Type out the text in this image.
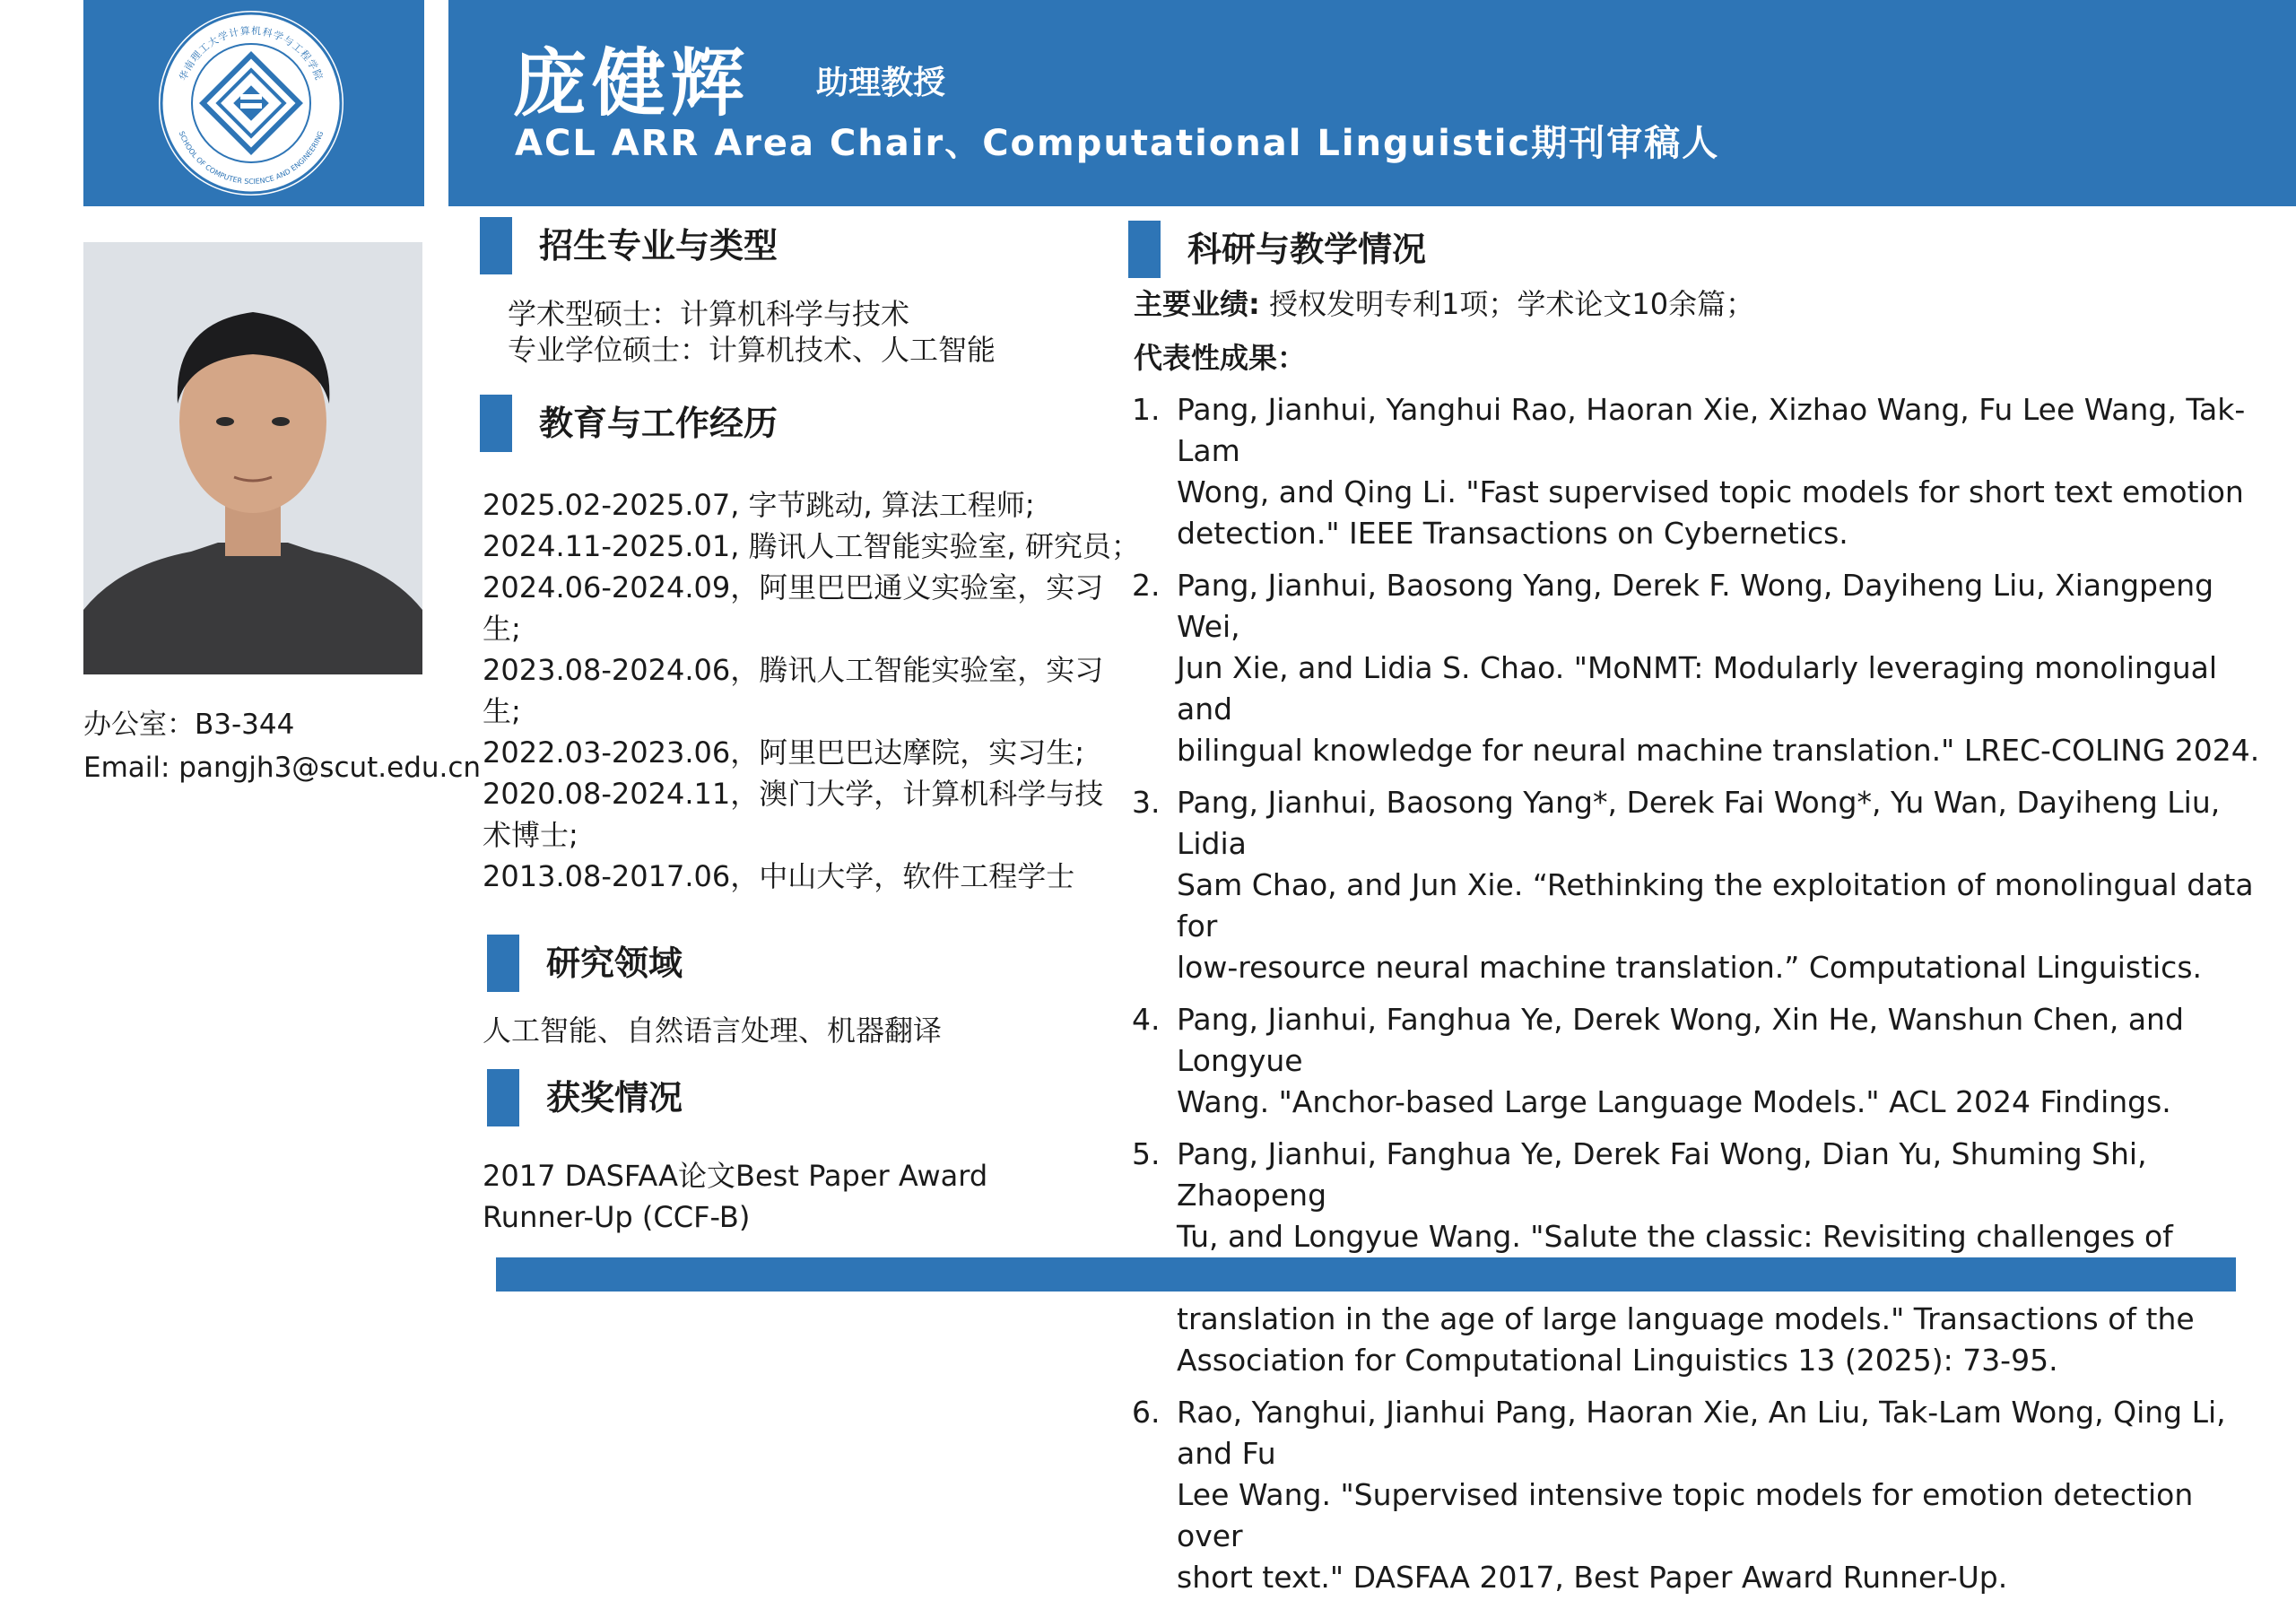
华南理工大学计算机科学与工程学院
SCHOOL OF COMPUTER SCIENCE AND ENGINEERING
庞健辉 助理教授
ACL ARR Area Chair、Computational Linguistic期刊审稿人
办公室：B3-344
Email: pangjh3@scut.edu.cn
招生专业与类型
学术型硕士：计算机科学与技术
专业学位硕士：计算机技术、人工智能
教育与工作经历
2025.02-2025.07, 字节跳动, 算法工程师;
2024.11-2025.01, 腾讯人工智能实验室, 研究员；
2024.06-2024.09，阿里巴巴通义实验室，实习
生;
2023.08-2024.06，腾讯人工智能实验室，实习
生;
2022.03-2023.06，阿里巴巴达摩院，实习生;
2020.08-2024.11，澳门大学，计算机科学与技
术博士;
2013.08-2017.06，中山大学，软件工程学士
研究领域
人工智能、自然语言处理、机器翻译
获奖情况
2017 DASFAA论文Best Paper Award
Runner-Up (CCF-B)
科研与教学情况
主要业绩: 授权发明专利1项；学术论文10余篇；
代表性成果：
1. Pang, Jianhui, Yanghui Rao, Haoran Xie, Xizhao Wang, Fu Lee Wang, Tak-Lam
Wong, and Qing Li. "Fast supervised topic models for short text emotion
detection." IEEE Transactions on Cybernetics.
2. Pang, Jianhui, Baosong Yang, Derek F. Wong, Dayiheng Liu, Xiangpeng Wei,
Jun Xie, and Lidia S. Chao. "MoNMT: Modularly leveraging monolingual and
bilingual knowledge for neural machine translation." LREC-COLING 2024.
3. Pang, Jianhui, Baosong Yang*, Derek Fai Wong*, Yu Wan, Dayiheng Liu, Lidia
Sam Chao, and Jun Xie. “Rethinking the exploitation of monolingual data for
low-resource neural machine translation.” Computational Linguistics.
4. Pang, Jianhui, Fanghua Ye, Derek Wong, Xin He, Wanshun Chen, and Longyue
Wang. "Anchor-based Large Language Models." ACL 2024 Findings.
5. Pang, Jianhui, Fanghua Ye, Derek Fai Wong, Dian Yu, Shuming Shi, Zhaopeng
Tu, and Longyue Wang. "Salute the classic: Revisiting challenges of
translation in the age of large language models." Transactions of the
Association for Computational Linguistics 13 (2025): 73-95.
6. Rao, Yanghui, Jianhui Pang, Haoran Xie, An Liu, Tak-Lam Wong, Qing Li, and Fu
Lee Wang. "Supervised intensive topic models for emotion detection over
short text." DASFAA 2017, Best Paper Award Runner-Up.
